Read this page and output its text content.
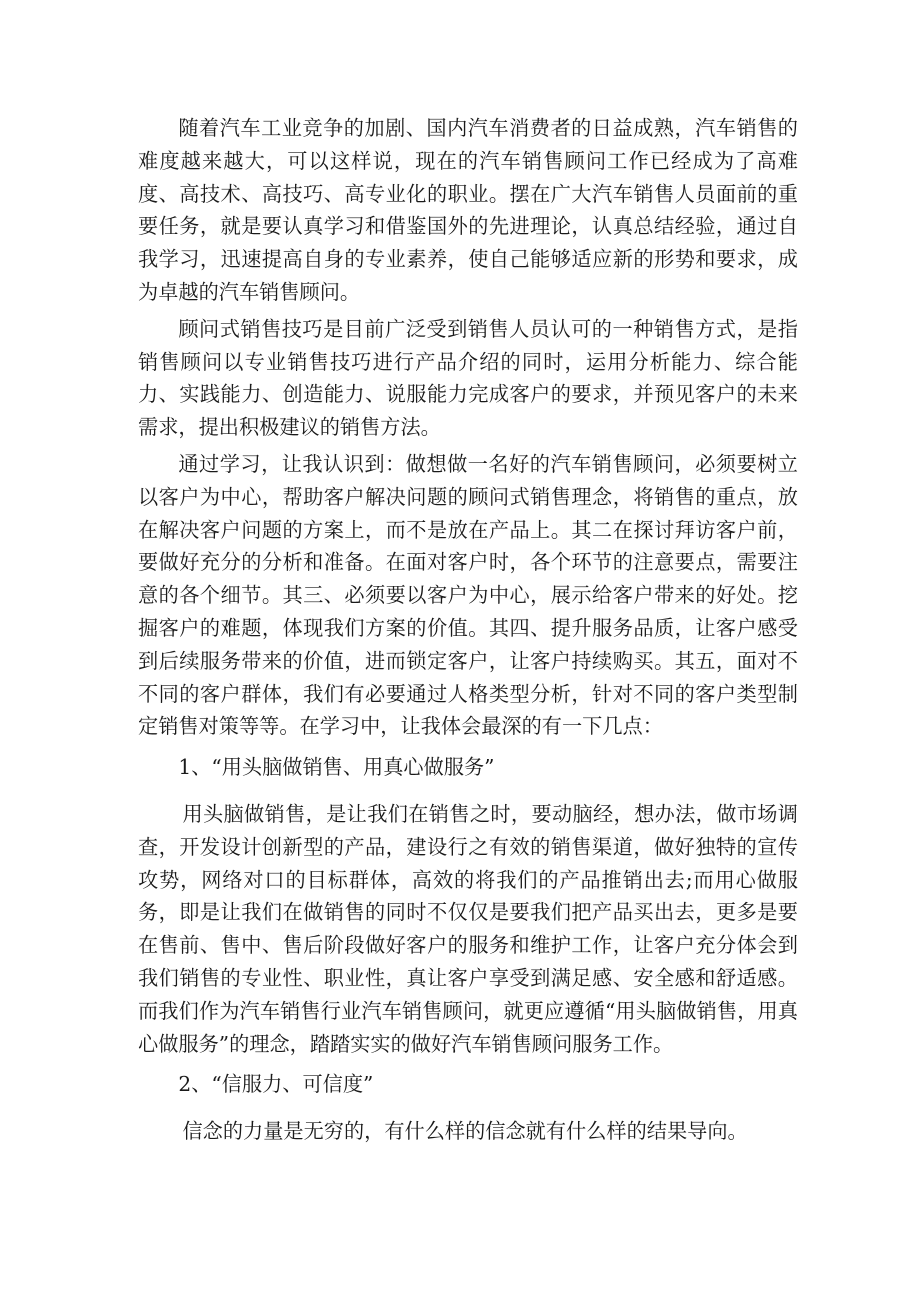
随着汽车工业竞争的加剧、国内汽车消费者的日益成熟，汽车销售的难度越来越大，可以这样说，现在的汽车销售顾问工作已经成为了高难度、高技术、高技巧、高专业化的职业。摆在广大汽车销售人员面前的重要任务，就是要认真学习和借鉴国外的先进理论，认真总结经验，通过自我学习，迅速提高自身的专业素养，使自己能够适应新的形势和要求，成为卓越的汽车销售顾问。

顾问式销售技巧是目前广泛受到销售人员认可的一种销售方式，是指销售顾问以专业销售技巧进行产品介绍的同时，运用分析能力、综合能力、实践能力、创造能力、说服能力完成客户的要求，并预见客户的未来需求，提出积极建议的销售方法。

通过学习，让我认识到：做想做一名好的汽车销售顾问，必须要树立以客户为中心，帮助客户解决问题的顾问式销售理念，将销售的重点，放在解决客户问题的方案上，而不是放在产品上。其二在探讨拜访客户前，要做好充分的分析和准备。在面对客户时，各个环节的注意要点，需要注意的各个细节。其三、必须要以客户为中心，展示给客户带来的好处。挖掘客户的难题，体现我们方案的价值。其四、提升服务品质，让客户感受到后续服务带来的价值，进而锁定客户，让客户持续购买。其五，面对不不同的客户群体，我们有必要通过人格类型分析，针对不同的客户类型制定销售对策等等。在学习中，让我体会最深的有一下几点：

1、“用头脑做销售、用真心做服务”

用头脑做销售，是让我们在销售之时，要动脑经，想办法，做市场调查，开发设计创新型的产品，建设行之有效的销售渠道，做好独特的宣传攻势，网络对口的目标群体，高效的将我们的产品推销出去;而用心做服务，即是让我们在做销售的同时不仅仅是要我们把产品买出去，更多是要在售前、售中、售后阶段做好客户的服务和维护工作，让客户充分体会到我们销售的专业性、职业性，真让客户享受到满足感、安全感和舒适感。而我们作为汽车销售行业汽车销售顾问，就更应遵循“用头脑做销售，用真心做服务”的理念，踏踏实实的做好汽车销售顾问服务工作。

2、“信服力、可信度”

信念的力量是无穷的，有什么样的信念就有什么样的结果导向。
